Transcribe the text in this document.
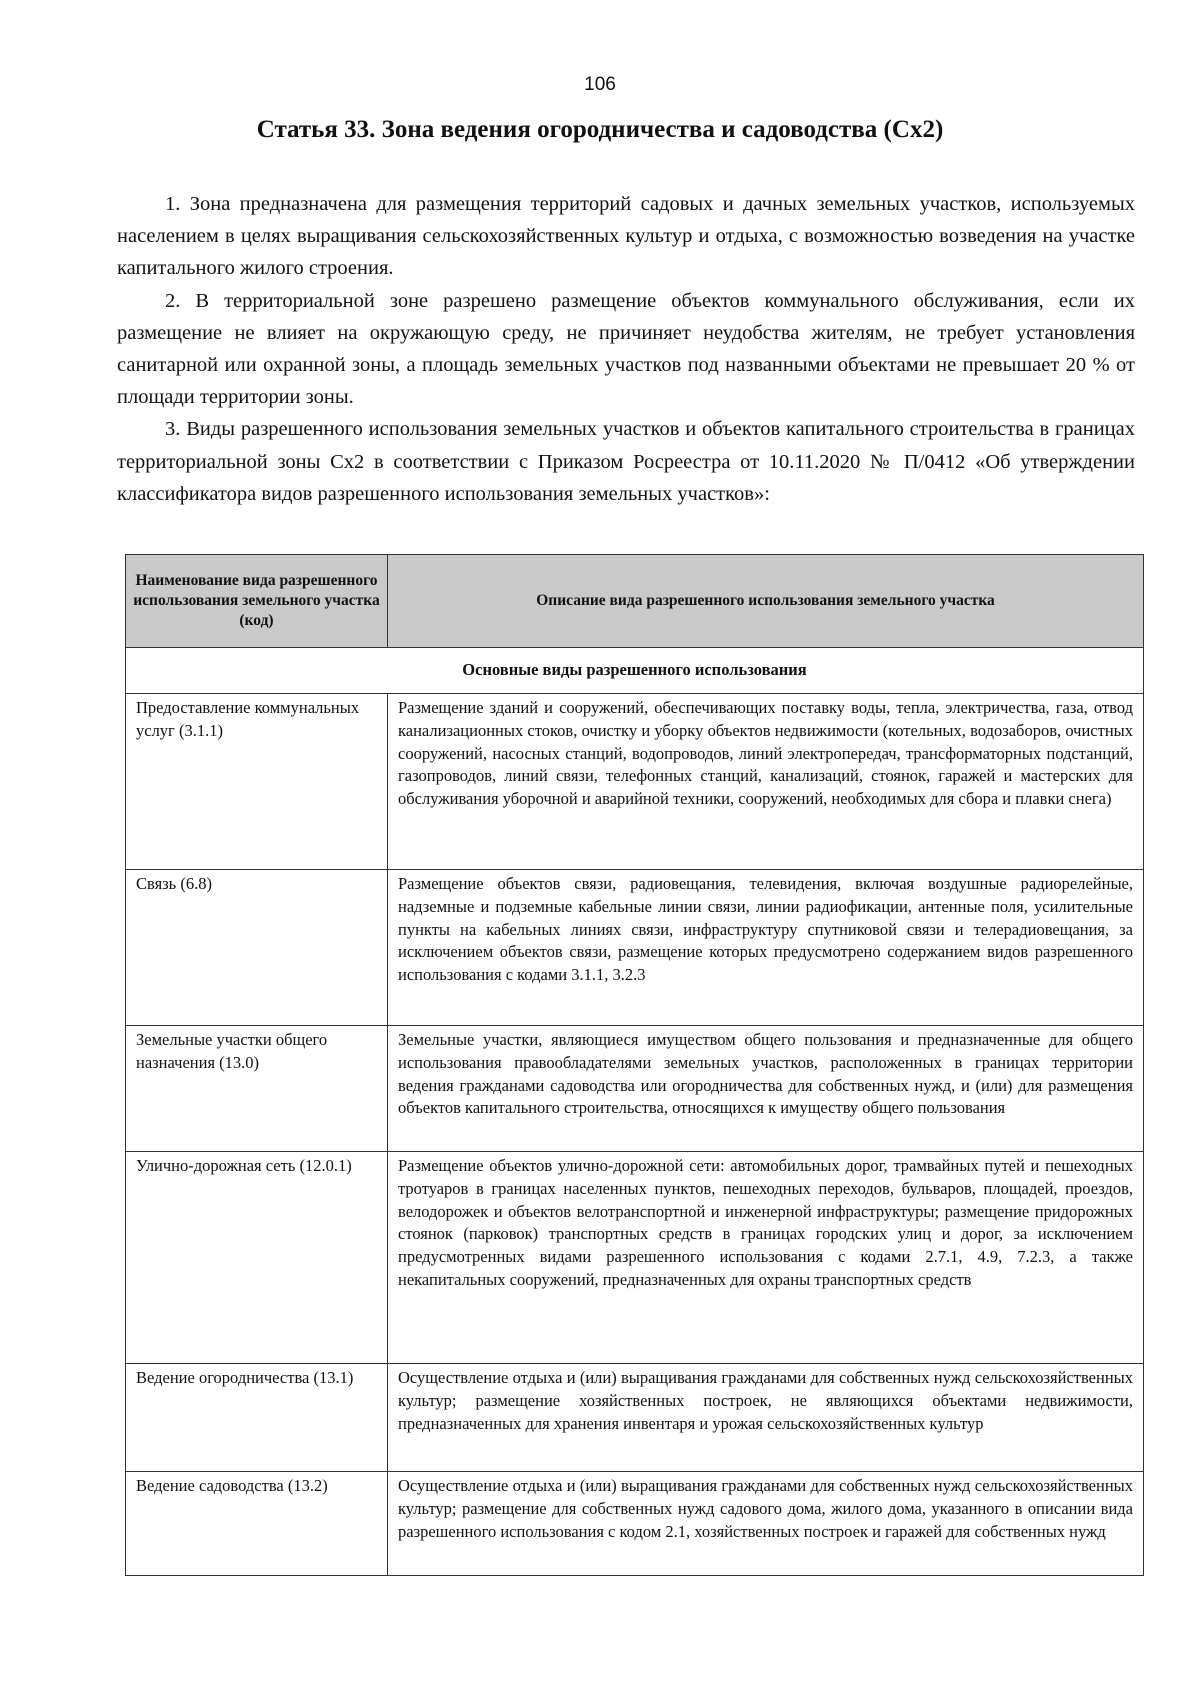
106
Статья 33. Зона ведения огородничества и садоводства (Сх2)

1. Зона предназначена для размещения территорий садовых и дачных земельных участков, используемых населением в целях выращивания сельскохозяйственных культур и отдыха, с возможностью возведения на участке капитального жилого строения.

2. В территориальной зоне разрешено размещение объектов коммунального обслуживания, если их размещение не влияет на окружающую среду, не причиняет неудобства жителям, не требует установления санитарной или охранной зоны, а площадь земельных участков под названными объектами не превышает 20 % от площади территории зоны.

3. Виды разрешенного использования земельных участков и объектов капитального строительства в границах территориальной зоны Сх2 в соответствии с Приказом Росреестра от 10.11.2020 № П/0412 «Об утверждении классификатора видов разрешенного использования земельных участков»:

Наименование вида разрешенного использования земельного участка (код)	Описание вида разрешенного использования земельного участка
Основные виды разрешенного использования	
Предоставление коммунальных услуг (3.1.1)	Размещение зданий и сооружений, обеспечивающих поставку воды, тепла, электричества, газа, отвод канализационных стоков, очистку и уборку объектов недвижимости (котельных, водозаборов, очистных сооружений, насосных станций, водопроводов, линий электропередач, трансформаторных подстанций, газопроводов, линий связи, телефонных станций, канализаций, стоянок, гаражей и мастерских для обслуживания уборочной и аварийной техники, сооружений, необходимых для сбора и плавки снега)
Связь (6.8)	Размещение объектов связи, радиовещания, телевидения, включая воздушные радиорелейные, надземные и подземные кабельные линии связи, линии радиофикации, антенные поля, усилительные пункты на кабельных линиях связи, инфраструктуру спутниковой связи и телерадиовещания, за исключением объектов связи, размещение которых предусмотрено содержанием видов разрешенного использования с кодами 3.1.1, 3.2.3
Земельные участки общего назначения (13.0)	Земельные участки, являющиеся имуществом общего пользования и предназначенные для общего использования правообладателями земельных участков, расположенных в границах территории ведения гражданами садоводства или огородничества для собственных нужд, и (или) для размещения объектов капитального строительства, относящихся к имуществу общего пользования
Улично-дорожная сеть (12.0.1)	Размещение объектов улично-дорожной сети: автомобильных дорог, трамвайных путей и пешеходных тротуаров в границах населенных пунктов, пешеходных переходов, бульваров, площадей, проездов, велодорожек и объектов велотранспортной и инженерной инфраструктуры; размещение придорожных стоянок (парковок) транспортных средств в границах городских улиц и дорог, за исключением предусмотренных видами разрешенного использования с кодами 2.7.1, 4.9, 7.2.3, а также некапитальных сооружений, предназначенных для охраны транспортных средств
Ведение огородничества (13.1)	Осуществление отдыха и (или) выращивания гражданами для собственных нужд сельскохозяйственных культур; размещение хозяйственных построек, не являющихся объектами недвижимости, предназначенных для хранения инвентаря и урожая сельскохозяйственных культур
Ведение садоводства (13.2)	Осуществление отдыха и (или) выращивания гражданами для собственных нужд сельскохозяйственных культур; размещение для собственных нужд садового дома, жилого дома, указанного в описании вида разрешенного использования с кодом 2.1, хозяйственных построек и гаражей для собственных нужд
